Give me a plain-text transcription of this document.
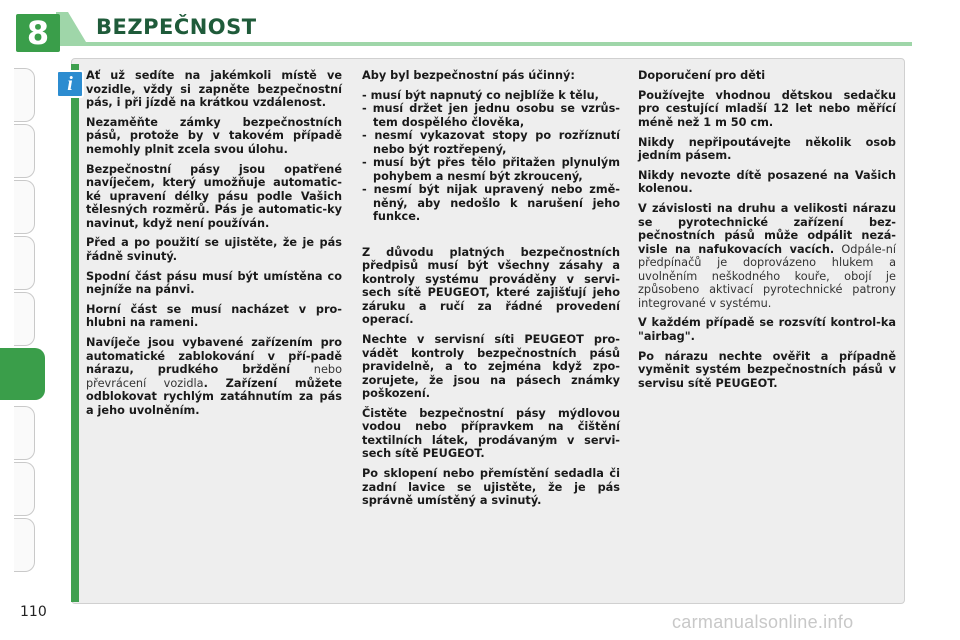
8	BEZPEČNOST
i	Ať už sedíte na jakémkoli místě ve vozidle, vždy si zapněte bezpečnostní pás, i při jízdě na krátkou vzdálenost.

Nezaměňte zámky bezpečnostních pásů, protože by v takovém případě nemohly plnit zcela svou úlohu.

Bezpečnostní pásy jsou opatřené navíječem, který umožňuje automatic-ké upravení délky pásu podle Vašich tělesných rozměrů. Pás je automatic-ky navinut, když není používán.

Před a po použití se ujistěte, že je pás řádně svinutý.

Spodní část pásu musí být umístěna co nejníže na pánvi.

Horní část se musí nacházet v pro-hlubni na rameni.

Navíječe jsou vybavené zařízením pro automatické zablokování v pří-padě nárazu, prudkého brždění nebo převrácení vozidla. Zařízení můžete odblokovat rychlým zatáhnutím za pás a jeho uvolněním.

Aby byl bezpečnostní pás účinný:

- musí být napnutý co nejblíže k tělu,
- musí držet jen jednu osobu se vzrůs-tem dospělého člověka,
- nesmí vykazovat stopy po rozříznutí nebo být roztřepený,
- musí být přes tělo přitažen plynulým pohybem a nesmí být zkroucený,
- nesmí být nijak upravený nebo změ-něný, aby nedošlo k narušení jeho funkce.

Z důvodu platných bezpečnostních předpisů musí být všechny zásahy a kontroly systému prováděny v servi-sech sítě PEUGEOT, které zajišťují jeho záruku a ručí za řádné provedení operací.

Nechte v servisní síti PEUGEOT pro-vádět kontroly bezpečnostních pásů pravidelně, a to zejména když zpo-zorujete, že jsou na pásech známky poškození.

Čistěte bezpečnostní pásy mýdlovou vodou nebo přípravkem na čištění textilních látek, prodávaným v servi-sech sítě PEUGEOT.

Po sklopení nebo přemístění sedadla či zadní lavice se ujistěte, že je pás správně umístěný a svinutý.

Doporučení pro děti

Používejte vhodnou dětskou sedačku pro cestující mladší 12 let nebo měřící méně než 1 m 50 cm.

Nikdy nepřipoutávejte několik osob jedním pásem.

Nikdy nevozte dítě posazené na Vašich kolenou.

V závislosti na druhu a velikosti nárazu se pyrotechnické zařízení bez-pečnostních pásů může odpálit nezá-visle na nafukovacích vacích. Odpále-ní předpínačů je doprovázeno hlukem a uvolněním neškodného kouře, obojí je způsobeno aktivací pyrotechnické patrony integrované v systému.

V každém případě se rozsvítí kontrol-ka "airbag".

Po nárazu nechte ověřit a případně vyměnit systém bezpečnostních pásů v servisu sítě PEUGEOT.

110	carmanualsonline.info
